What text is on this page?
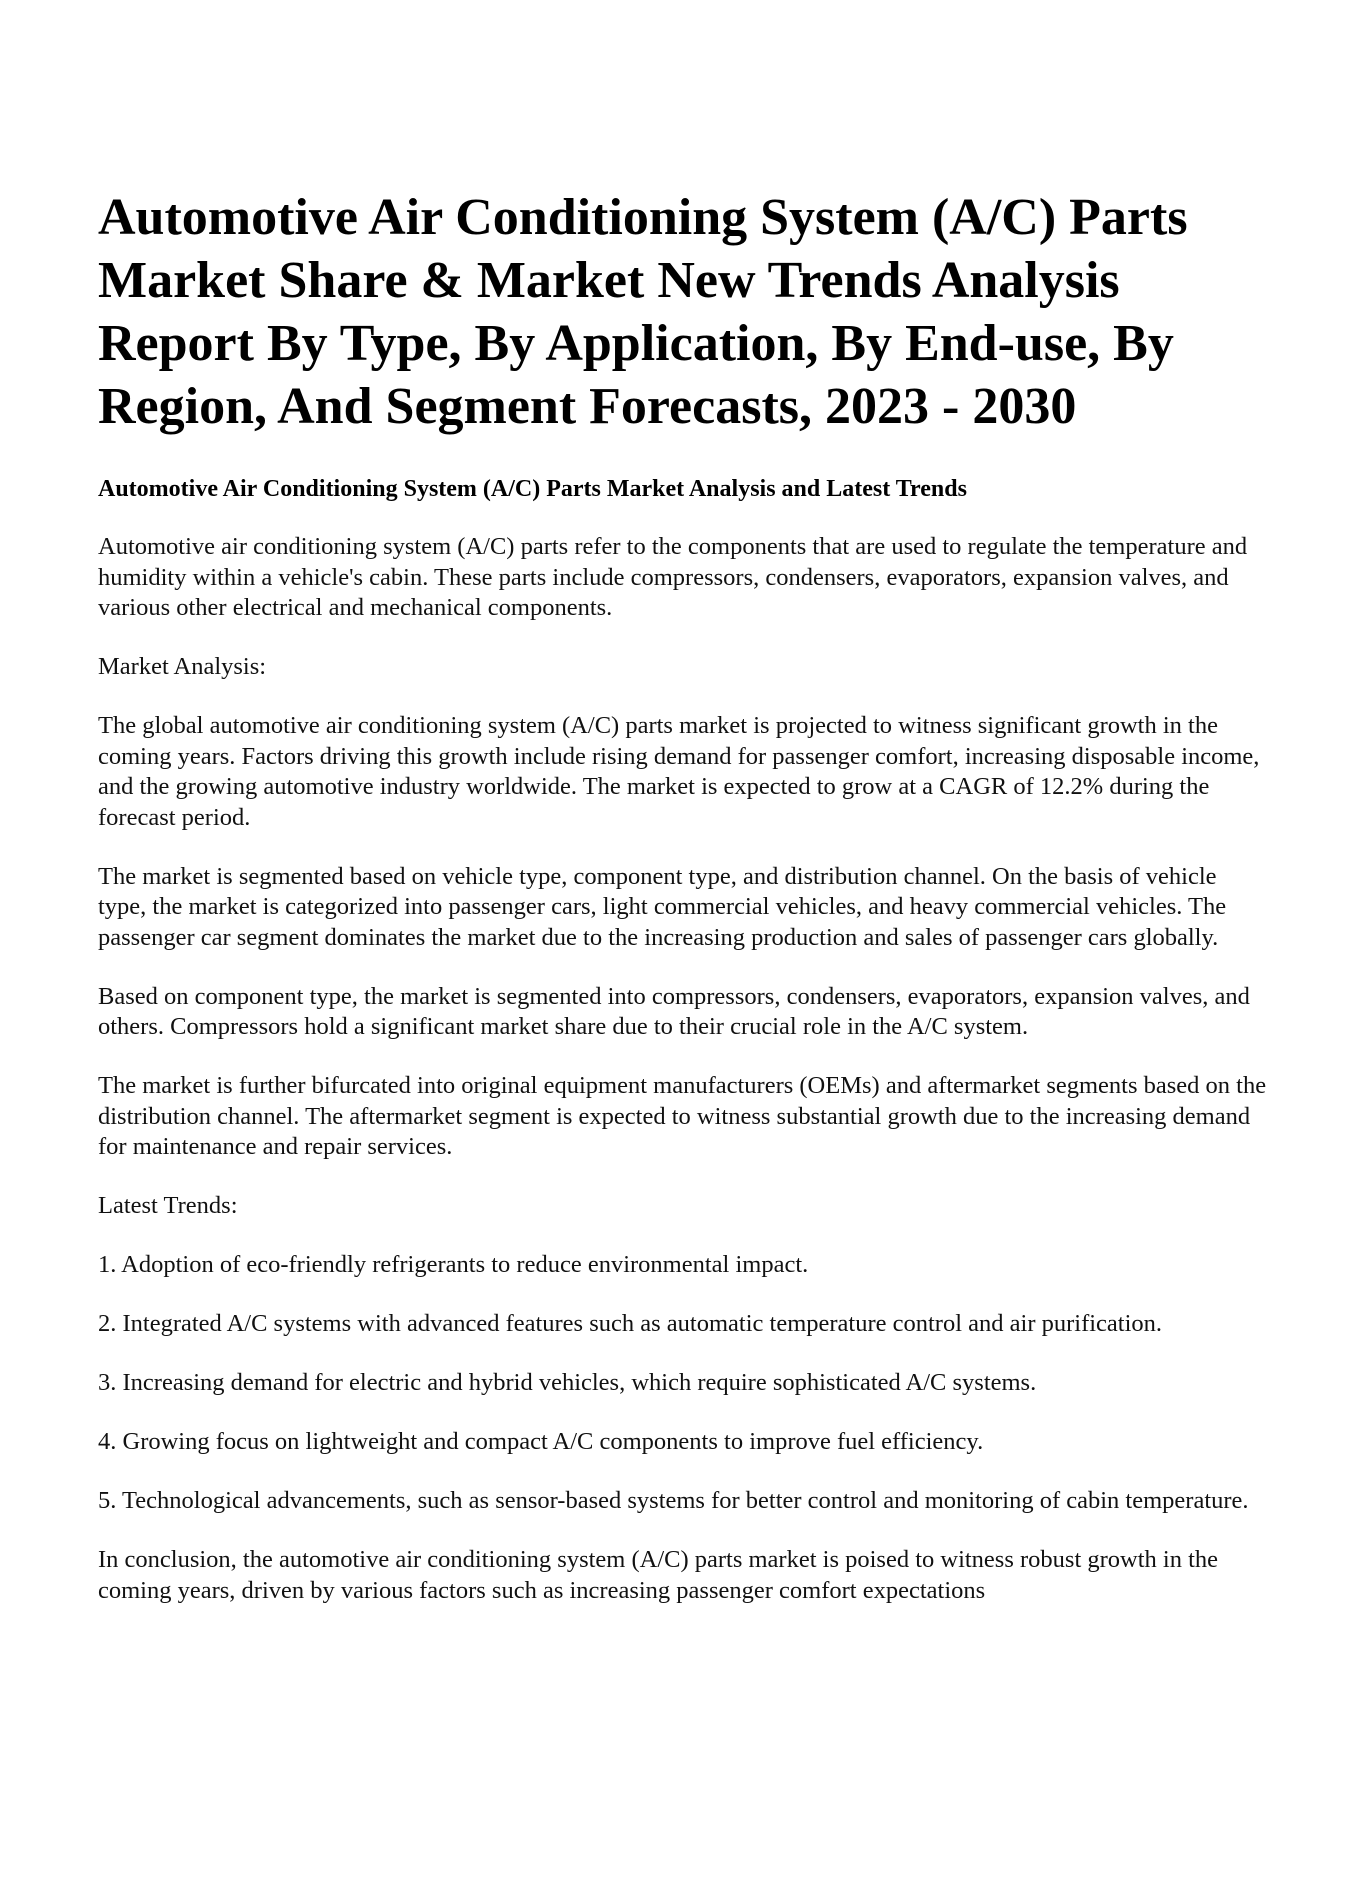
Automotive Air Conditioning System (A/C) Parts Market Share & Market New Trends Analysis Report By Type, By Application, By End-use, By Region, And Segment Forecasts, 2023 - 2030
Automotive Air Conditioning System (A/C) Parts Market Analysis and Latest Trends

Automotive air conditioning system (A/C) parts refer to the components that are used to regulate the temperature and humidity within a vehicle's cabin. These parts include compressors, condensers, evaporators, expansion valves, and various other electrical and mechanical components.

Market Analysis:

The global automotive air conditioning system (A/C) parts market is projected to witness significant growth in the coming years. Factors driving this growth include rising demand for passenger comfort, increasing disposable income, and the growing automotive industry worldwide. The market is expected to grow at a CAGR of 12.2% during the forecast period.

The market is segmented based on vehicle type, component type, and distribution channel. On the basis of vehicle type, the market is categorized into passenger cars, light commercial vehicles, and heavy commercial vehicles. The passenger car segment dominates the market due to the increasing production and sales of passenger cars globally.

Based on component type, the market is segmented into compressors, condensers, evaporators, expansion valves, and others. Compressors hold a significant market share due to their crucial role in the A/C system.

The market is further bifurcated into original equipment manufacturers (OEMs) and aftermarket segments based on the distribution channel. The aftermarket segment is expected to witness substantial growth due to the increasing demand for maintenance and repair services.

Latest Trends:

1. Adoption of eco-friendly refrigerants to reduce environmental impact.

2. Integrated A/C systems with advanced features such as automatic temperature control and air purification.

3. Increasing demand for electric and hybrid vehicles, which require sophisticated A/C systems.

4. Growing focus on lightweight and compact A/C components to improve fuel efficiency.

5. Technological advancements, such as sensor-based systems for better control and monitoring of cabin temperature.

In conclusion, the automotive air conditioning system (A/C) parts market is poised to witness robust growth in the coming years, driven by various factors such as increasing passenger comfort expectations
